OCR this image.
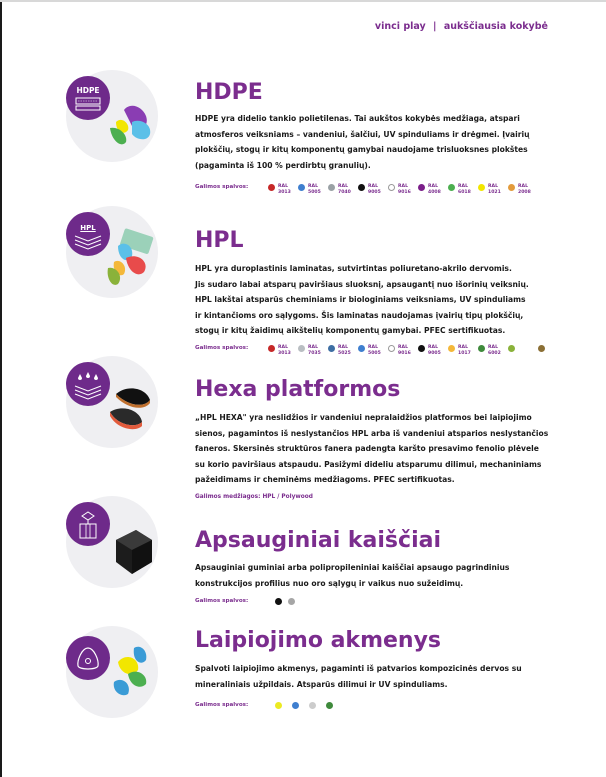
vinci play | aukščiausia kokybė
HDPE	HDPE
HDPE yra didelio tankio polietilenas. Tai aukštos kokybės medžiaga, atspari
atmosferos veiksniams – vandeniui, šalčiui, UV spinduliams ir drėgmei. Įvairių
plokščių, stogų ir kitų komponentų gamybai naudojame trisluoksnes plokštes
(pagaminta iš 100 % perdirbtų granulių).
Galimos spalvos:	RAL
3013
RAL
5005
RAL
7040
RAL
9005
RAL
9016
RAL
4008
RAL
6018
RAL
1021
RAL
2008
HPL	HPL
HPL yra duroplastinis laminatas, sutvirtintas poliuretano-akrilo dervomis.
Jis sudaro labai atsparų paviršiaus sluoksnį, apsaugantį nuo išorinių veiksnių.
HPL lakštai atsparūs cheminiams ir biologiniams veiksniams, UV spinduliams
ir kintančioms oro sąlygoms. Šis laminatas naudojamas įvairių tipų plokščių,
stogų ir kitų žaidimų aikštelių komponentų gamybai. PFEC sertifikuotas.
Galimos spalvos:	RAL
3013
RAL
7035
RAL
5025
RAL
5005
RAL
9016
RAL
9005
RAL
1017
RAL
6002
Hexa platformos
„HPL HEXA" yra neslidžios ir vandeniui nepralaidžios platformos bei laipiojimo
sienos, pagamintos iš neslystančios HPL arba iš vandeniui atsparios neslystančios
faneros. Skersinės struktūros fanera padengta karšto presavimo fenolio plėvele
su korio paviršiaus atspaudu. Pasižymi dideliu atsparumu dilimui, mechaniniams
pažeidimams ir cheminėms medžiagoms. PFEC sertifikuotas.
Galimos medžiagos: HPL / Polywood
Apsauginiai kaiščiai
Apsauginiai guminiai arba polipropileniniai kaiščiai apsaugo pagrindinius
konstrukcijos profilius nuo oro sąlygų ir vaikus nuo sužeidimų.
Galimos spalvos:
Laipiojimo akmenys
Spalvoti laipiojimo akmenys, pagaminti iš patvarios kompozicinės dervos su
mineraliniais užpildais. Atsparūs dilimui ir UV spinduliams.
Galimos spalvos:
